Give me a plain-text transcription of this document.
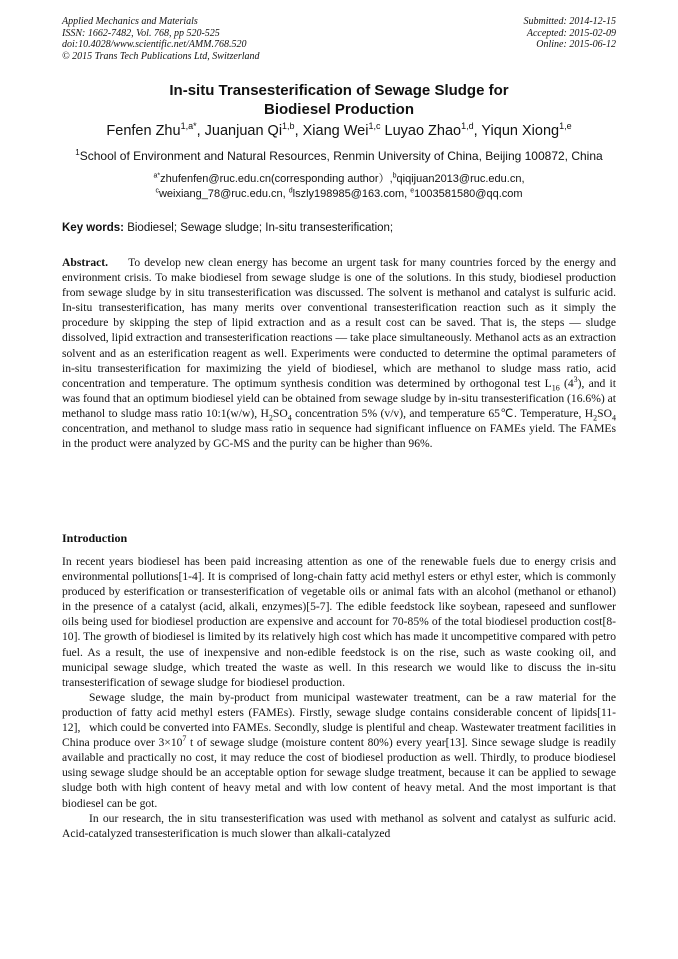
Applied Mechanics and Materials
ISSN: 1662-7482, Vol. 768, pp 520-525
doi:10.4028/www.scientific.net/AMM.768.520
© 2015 Trans Tech Publications Ltd, Switzerland
Submitted: 2014-12-15
Accepted: 2015-02-09
Online: 2015-06-12
In-situ Transesterification of Sewage Sludge for
Biodiesel Production
Fenfen Zhu$^{1,a*}$, Juanjuan Qi$^{1,b}$, Xiang Wei$^{1,c}$ Luyao Zhao$^{1,d}$, Yiqun Xiong$^{1,e}$
$^1$School of Environment and Natural Resources, Renmin University of China, Beijing 100872, China
$^{a*}$zhufenfen@ruc.edu.cn(corresponding author）,$^b$qiqijuan2013@ruc.edu.cn,
$^c$weixiang_78@ruc.edu.cn, $^d$lszly198985@163.com, $^e$1003581580@qq.com
Key words: Biodiesel; Sewage sludge; In-situ transesterification;
Abstract. To develop new clean energy has become an urgent task for many countries forced by the energy and environment crisis. To make biodiesel from sewage sludge is one of the solutions. In this study, biodiesel production from sewage sludge by in situ transesterification was discussed. The solvent is methanol and catalyst is sulfuric acid. In-situ transesterification, has many merits over conventional transesterification reaction such as it simply the procedure by skipping the step of lipid extraction and as a result cost can be saved. That is, the steps — sludge dissolved, lipid extraction and transesterification reactions — take place simultaneously. Methanol acts as an extraction solvent and as an esterification reagent as well. Experiments were conducted to determine the optimal parameters of in-situ transesterification for maximizing the yield of biodiesel, which are methanol to sludge mass ratio, acid concentration and temperature. The optimum synthesis condition was determined by orthogonal test $L_{16}$ $(4^3)$, and it was found that an optimum biodiesel yield can be obtained from sewage sludge by in-situ transesterification (16.6%) at methanol to sludge mass ratio 10:1(w/w), $H_2SO_4$ concentration 5% (v/v), and temperature 65℃. Temperature, $H_2SO_4$ concentration, and methanol to sludge mass ratio in sequence had significant influence on FAMEs yield. The FAMEs in the product were analyzed by GC-MS and the purity can be higher than 96%.
Introduction

In recent years biodiesel has been paid increasing attention as one of the renewable fuels due to energy crisis and environmental pollutions[1-4]. It is comprised of long-chain fatty acid methyl esters or ethyl ester, which is commonly produced by esterification or transesterification of vegetable oils or animal fats with an alcohol (methanol or ethanol) in the presence of a catalyst (acid, alkali, enzymes)[5-7]. The edible feedstock like soybean, rapeseed and sunflower oils being used for biodiesel production are expensive and account for 70-85% of the total biodiesel production cost[8-10]. The growth of biodiesel is limited by its relatively high cost which has made it uncompetitive compared with petro fuel. As a result, the use of inexpensive and non-edible feedstock is on the rise, such as waste cooking oil, and municipal sewage sludge, which treated the waste as well. In this research we would like to discuss the in-situ transesterification of sewage sludge for biodiesel production.

Sewage sludge, the main by-product from municipal wastewater treatment, can be a raw material for the production of fatty acid methyl esters (FAMEs). Firstly, sewage sludge contains considerable concent of lipids[11-12],   which could be converted into FAMEs. Secondly, sludge is plentiful and cheap. Wastewater treatment facilities in China produce over $3\times 10^7$ t of sewage sludge (moisture content 80%) every year[13]. Since sewage sludge is readily available and practically no cost, it may reduce the cost of biodiesel production as well. Thirdly, to produce biodiesel using sewage sludge should be an acceptable option for sewage sludge treatment, because it can be applied to sewage sludge both with high content of heavy metal and with low content of heavy metal. And the most important is that biodiesel can be got.

In our research, the in situ transesterification was used with methanol as solvent and catalyst as sulfuric acid. Acid-catalyzed transesterification is much slower than alkali-catalyzed
